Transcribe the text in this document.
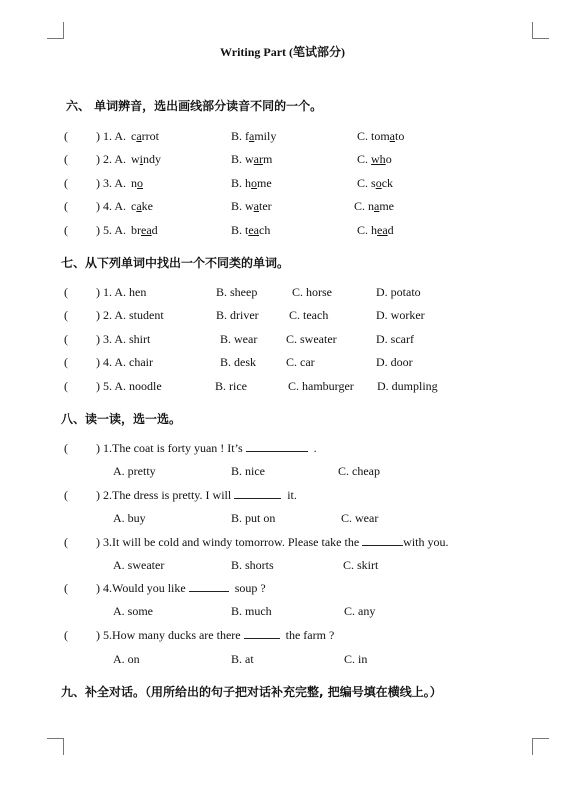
Writing Part (笔试部分)
六、 单词辨音，选出画线部分读音不同的一个。
( ) 1. A. carrot	B. family	C. tomato
( ) 2. A. windy	B. warm	C. who
( ) 3. A. no	B. home	C. sock
( ) 4. A. cake	B. water	C. name
( ) 5. A. bread	B. teach	C. head
七、从下列单词中找出一个不同类的单词。
( ) 1. A. hen	B. sheep	C. horse	D. potato
( ) 2. A. student	B. driver	C. teach	D. worker
( ) 3. A. shirt	B. wear C. sweater	D. scarf
( ) 4. A. chair	B. desk	C. car	D. door
( ) 5. A. noodle	B. rice	C. hamburger D. dumpling
八、读一读，选一选。
( ) 1.The coat is forty yuan ! It’s	.
A. pretty	B. nice	C. cheap
( ) 2.The dress is pretty. I will	it.
A. buy	B. put on	C. wear
( ) 3.It will be cold and windy tomorrow. Please take the	with you.
A. sweater	B. shorts	C. skirt
( ) 4.Would you like	soup ?
A. some	B. much	C. any
( ) 5.How many ducks are there	the farm ?
A. on	B. at	C. in
九、补全对话。（用所给出的句子把对话补充完整, 把编号填在横线上。）
